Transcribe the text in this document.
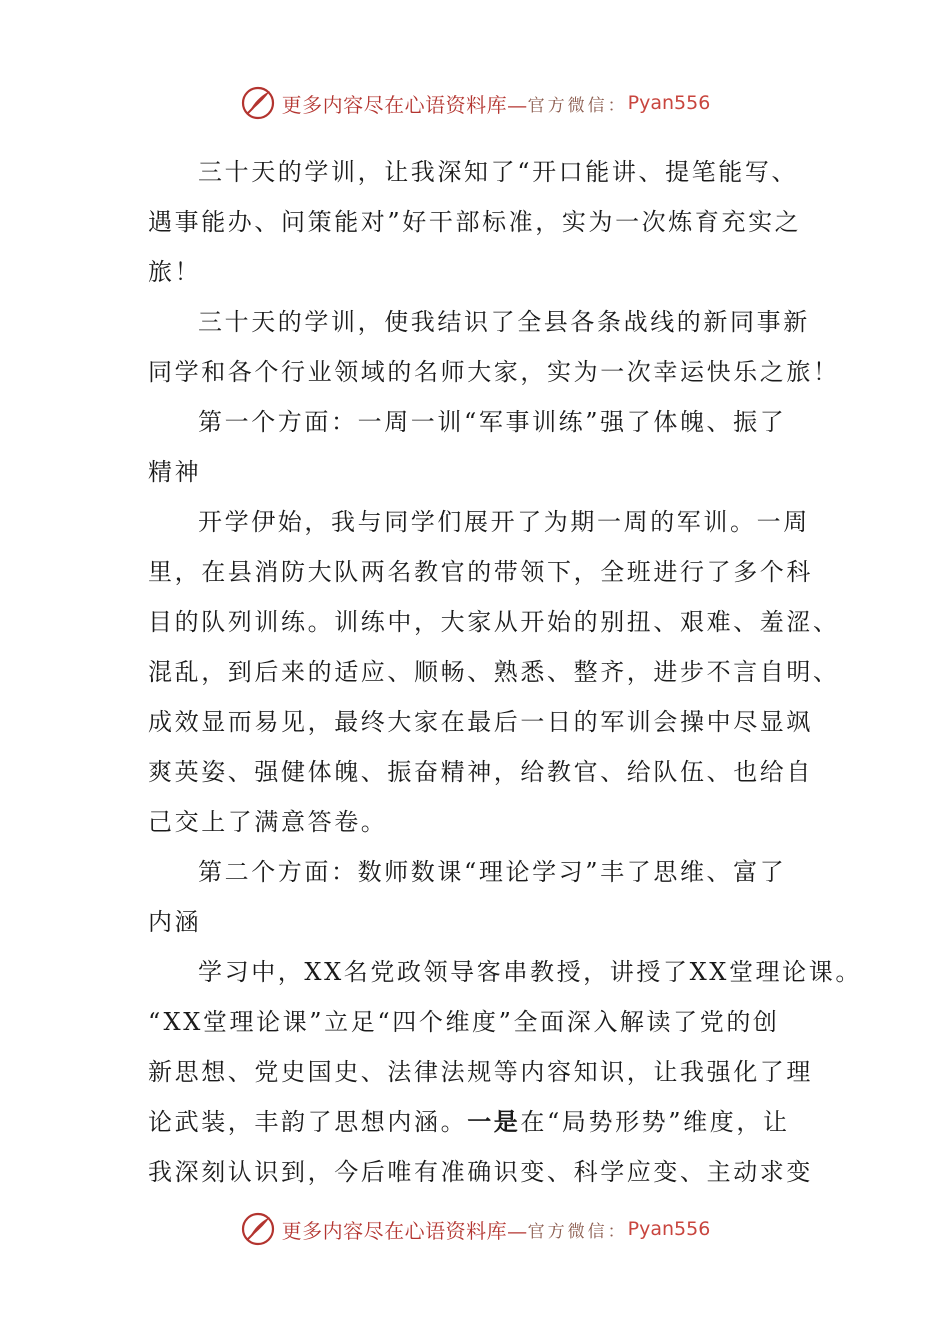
更多内容尽在心语资料库— 官方微信： Pyan556

三十天的学训，让我深知了“开口能讲、提笔能写、

遇事能办、问策能对”好干部标准，实为一次炼育充实之

旅！

三十天的学训，使我结识了全县各条战线的新同事新

同学和各个行业领域的名师大家，实为一次幸运快乐之旅！

第一个方面：一周一训“军事训练”强了体魄、振了

精神

开学伊始，我与同学们展开了为期一周的军训。一周

里，在县消防大队两名教官的带领下，全班进行了多个科

目的队列训练。训练中，大家从开始的别扭、艰难、羞涩、

混乱，到后来的适应、顺畅、熟悉、整齐，进步不言自明、

成效显而易见，最终大家在最后一日的军训会操中尽显飒

爽英姿、强健体魄、振奋精神，给教官、给队伍、也给自

己交上了满意答卷。

第二个方面：数师数课“理论学习”丰了思维、富了

内涵

学习中，XX名党政领导客串教授，讲授了XX堂理论课。

“XX堂理论课”立足“四个维度”全面深入解读了党的创

新思想、党史国史、法律法规等内容知识，让我强化了理

论武装，丰韵了思想内涵。一是在“局势形势”维度，让

我深刻认识到，今后唯有准确识变、科学应变、主动求变

更多内容尽在心语资料库— 官方微信： Pyan556
